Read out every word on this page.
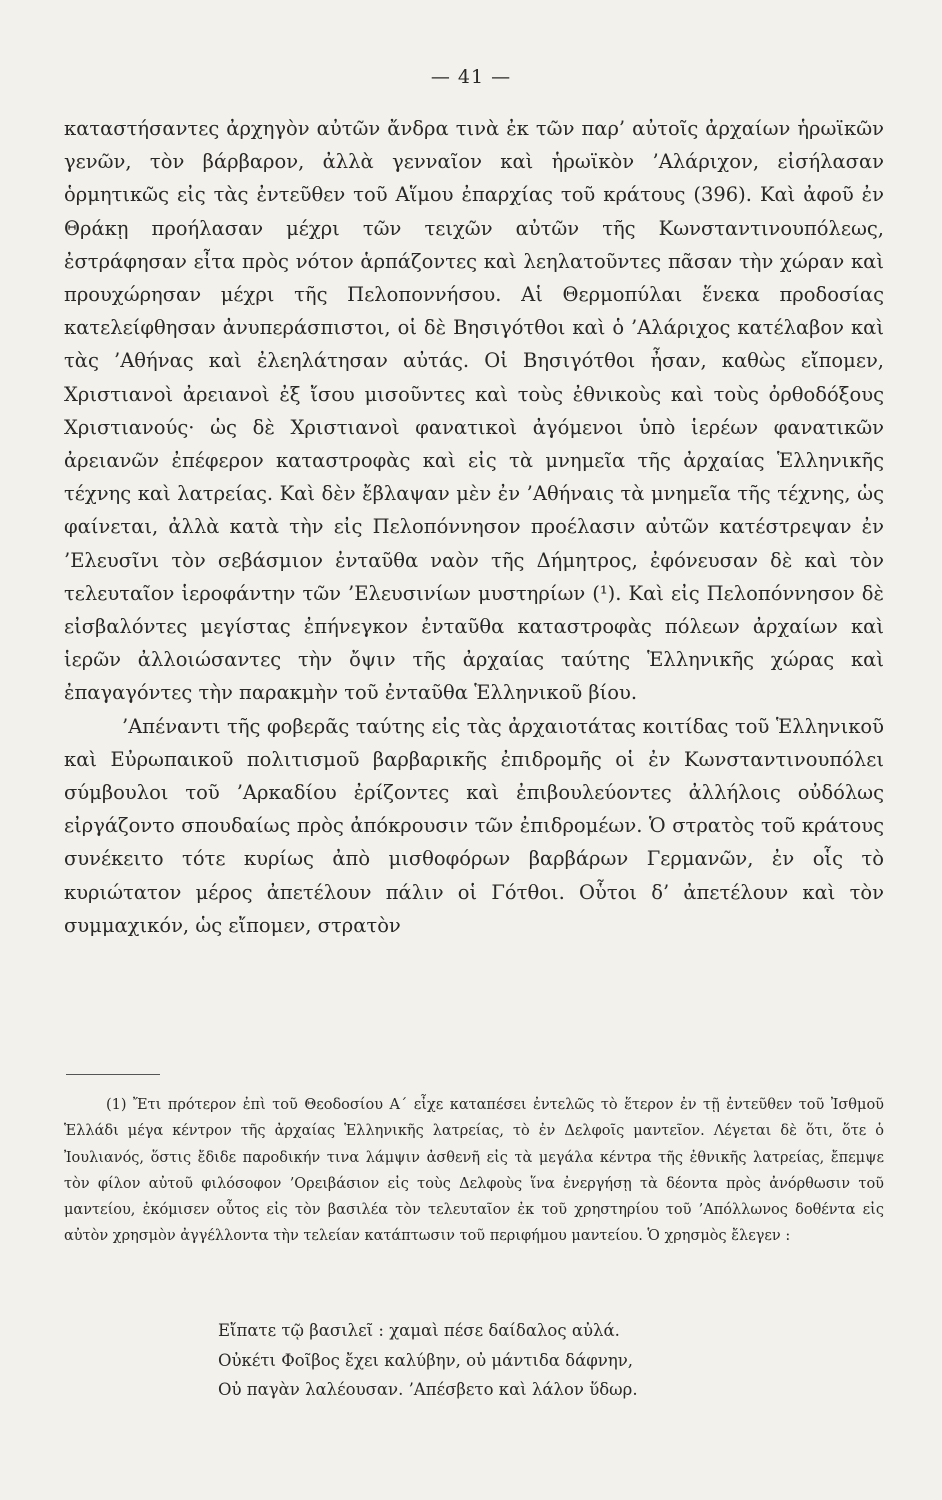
— 41 —

καταστήσαντες ἀρχηγὸν αὐτῶν ἄνδρα τινὰ ἐκ τῶν παρ’ αὐτοῖς ἀρχαίων ἡρωϊκῶν γενῶν, τὸν βάρβαρον, ἀλλὰ γενναῖον καὶ ἡρωϊκὸν ’Αλάριχον, εἰσήλασαν ὁρμητικῶς εἰς τὰς ἐντεῦθεν τοῦ Αἵμου ἐπαρχίας τοῦ κράτους (396). Καὶ ἀφοῦ ἐν Θράκῃ προήλασαν μέχρι τῶν τειχῶν αὐτῶν τῆς Κωνσταντινουπόλεως, ἐστράφησαν εἶτα πρὸς νότον ἁρπάζοντες καὶ λεηλατοῦντες πᾶσαν τὴν χώραν καὶ προυχώρησαν μέχρι τῆς Πελοποννήσου. Αἱ Θερμοπύλαι ἕνεκα προδοσίας κατελείφθησαν ἀνυπεράσπιστοι, οἱ δὲ Βησιγότθοι καὶ ὁ ’Αλάριχος κατέλαβον καὶ τὰς ’Αθήνας καὶ ἐλεηλάτησαν αὐτάς. Οἱ Βησιγότθοι ἦσαν, καθὼς εἴπομεν, Χριστιανοὶ ἀρειανοὶ ἐξ ἴσου μισοῦντες καὶ τοὺς ἐθνικοὺς καὶ τοὺς ὀρθοδόξους Χριστιανούς· ὡς δὲ Χριστιανοὶ φανατικοὶ ἀγόμενοι ὑπὸ ἱερέων φανατικῶν ἀρειανῶν ἐπέφερον καταστροφὰς καὶ εἰς τὰ μνημεῖα τῆς ἀρχαίας Ἑλληνικῆς τέχνης καὶ λατρείας. Καὶ δὲν ἔβλαψαν μὲν ἐν ’Αθήναις τὰ μνημεῖα τῆς τέχνης, ὡς φαίνεται, ἀλλὰ κατὰ τὴν εἰς Πελοπόννησον προέλασιν αὐτῶν κατέστρεψαν ἐν ’Ελευσῖνι τὸν σεβάσμιον ἐνταῦθα ναὸν τῆς Δήμητρος, ἐφόνευσαν δὲ καὶ τὸν τελευταῖον ἱεροφάντην τῶν ’Ελευσινίων μυστηρίων (¹). Καὶ εἰς Πελοπόννησον δὲ εἰσβαλόντες μεγίστας ἐπήνεγκον ἐνταῦθα καταστροφὰς πόλεων ἀρχαίων καὶ ἱερῶν ἀλλοιώσαντες τὴν ὄψιν τῆς ἀρχαίας ταύτης Ἑλληνικῆς χώρας καὶ ἐπαγαγόντες τὴν παρακμὴν τοῦ ἐνταῦθα Ἑλληνικοῦ βίου.

’Απέναντι τῆς φοβερᾶς ταύτης εἰς τὰς ἀρχαιοτάτας κοιτίδας τοῦ Ἑλληνικοῦ καὶ Εὐρωπαικοῦ πολιτισμοῦ βαρβαρικῆς ἐπιδρομῆς οἱ ἐν Κωνσταντινουπόλει σύμβουλοι τοῦ ’Αρκαδίου ἐρίζοντες καὶ ἐπιβουλεύοντες ἀλλήλοις οὐδόλως εἰργάζοντο σπουδαίως πρὸς ἀπόκρουσιν τῶν ἐπιδρομέων. Ὁ στρατὸς τοῦ κράτους συνέκειτο τότε κυρίως ἀπὸ μισθοφόρων βαρβάρων Γερμανῶν, ἐν οἷς τὸ κυριώτατον μέρος ἀπετέλουν πάλιν οἱ Γότθοι. Οὗτοι δ’ ἀπετέλουν καὶ τὸν συμμαχικόν, ὡς εἴπομεν, στρατὸν

(1) Ἔτι πρότερον ἐπὶ τοῦ Θεοδοσίου Α΄ εἶχε καταπέσει ἐντελῶς τὸ ἕτερον ἐν τῇ ἐντεῦθεν τοῦ Ἰσθμοῦ Ἑλλάδι μέγα κέντρον τῆς ἀρχαίας Ἑλληνικῆς λατρείας, τὸ ἐν Δελφοῖς μαντεῖον. Λέγεται δὲ ὅτι, ὅτε ὁ Ἰουλιανός, ὅστις ἔδιδε παροδικήν τινα λάμψιν ἀσθενῆ εἰς τὰ μεγάλα κέντρα τῆς ἐθνικῆς λατρείας, ἔπεμψε τὸν φίλον αὐτοῦ φιλόσοφον ’Ορειβάσιον εἰς τοὺς Δελφοὺς ἵνα ἐνεργήσῃ τὰ δέοντα πρὸς ἀνόρθωσιν τοῦ μαντείου, ἐκόμισεν οὗτος εἰς τὸν βασιλέα τὸν τελευταῖον ἐκ τοῦ χρηστηρίου τοῦ ’Απόλλωνος δοθέντα εἰς αὐτὸν χρησμὸν ἀγγέλλοντα τὴν τελείαν κατάπτωσιν τοῦ περιφήμου μαντείου. Ὁ χρησμὸς ἔλεγεν :

Εἴπατε τῷ βασιλεῖ : χαμαὶ πέσε δαίδαλος αὐλά.
Οὐκέτι Φοῖβος ἔχει καλύβην, οὐ μάντιδα δάφνην,
Οὐ παγὰν λαλέουσαν. ’Απέσβετο καὶ λάλον ὕδωρ.
